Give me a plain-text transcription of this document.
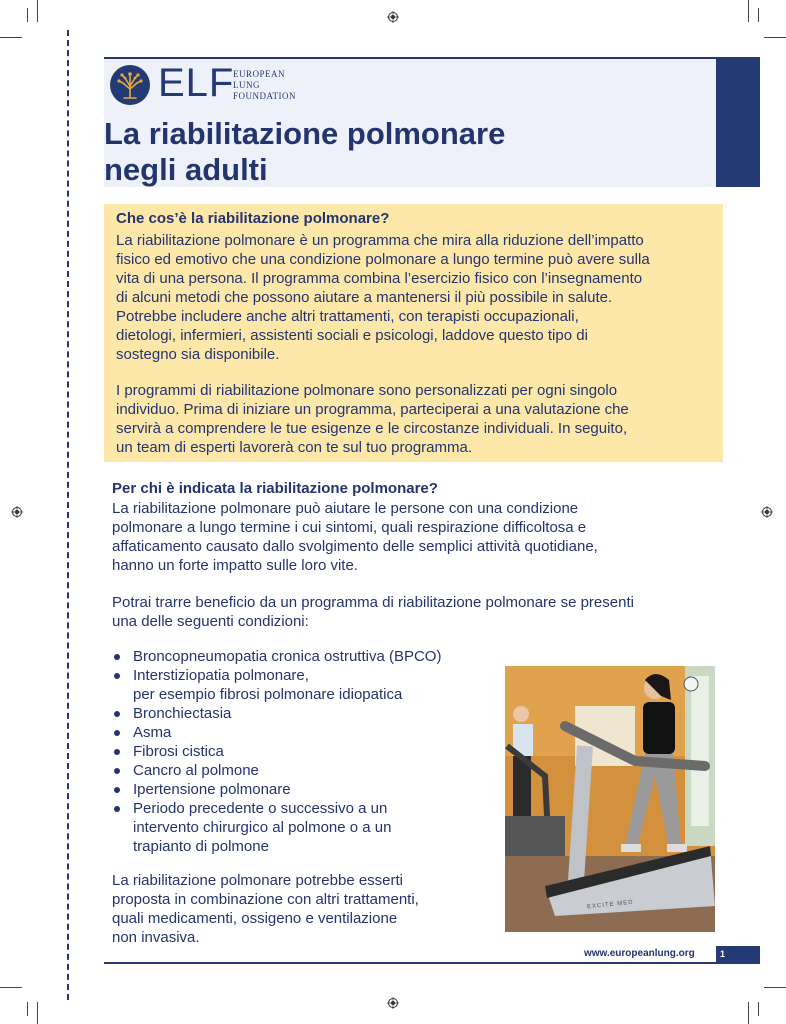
ELF
EUROPEAN
LUNG
FOUNDATION
La riabilitazione polmonare
negli adulti
Che cos’è la riabilitazione polmonare?
La riabilitazione polmonare è un programma che mira alla riduzione dell’impatto
fisico ed emotivo che una condizione polmonare a lungo termine può avere sulla
vita di una persona. Il programma combina l’esercizio fisico con l’insegnamento
di alcuni metodi che possono aiutare a mantenersi il più possibile in salute.
Potrebbe includere anche altri trattamenti, con terapisti occupazionali,
dietologi, infermieri, assistenti sociali e psicologi, laddove questo tipo di
sostegno sia disponibile.
I programmi di riabilitazione polmonare sono personalizzati per ogni singolo
individuo. Prima di iniziare un programma, parteciperai a una valutazione che
servirà a comprendere le tue esigenze e le circostanze individuali. In seguito,
un team di esperti lavorerà con te sul tuo programma.
Per chi è indicata la riabilitazione polmonare?
La riabilitazione polmonare può aiutare le persone con una condizione
polmonare a lungo termine i cui sintomi, quali respirazione difficoltosa e
affaticamento causato dallo svolgimento delle semplici attività quotidiane,
hanno un forte impatto sulle loro vite.
Potrai trarre beneficio da un programma di riabilitazione polmonare se presenti
una delle seguenti condizioni:
Broncopneumopatia cronica ostruttiva (BPCO)
Interstiziopatia polmonare,
per esempio fibrosi polmonare idiopatica
Bronchiectasia
Asma
Fibrosi cistica
Cancro al polmone
Ipertensione polmonare
Periodo precedente o successivo a un
intervento chirurgico al polmone o a un
trapianto di polmone
La riabilitazione polmonare potrebbe esserti
proposta in combinazione con altri trattamenti,
quali medicamenti, ossigeno e ventilazione
non invasiva.
EXCITE MED
www.europeanlung.org	1
